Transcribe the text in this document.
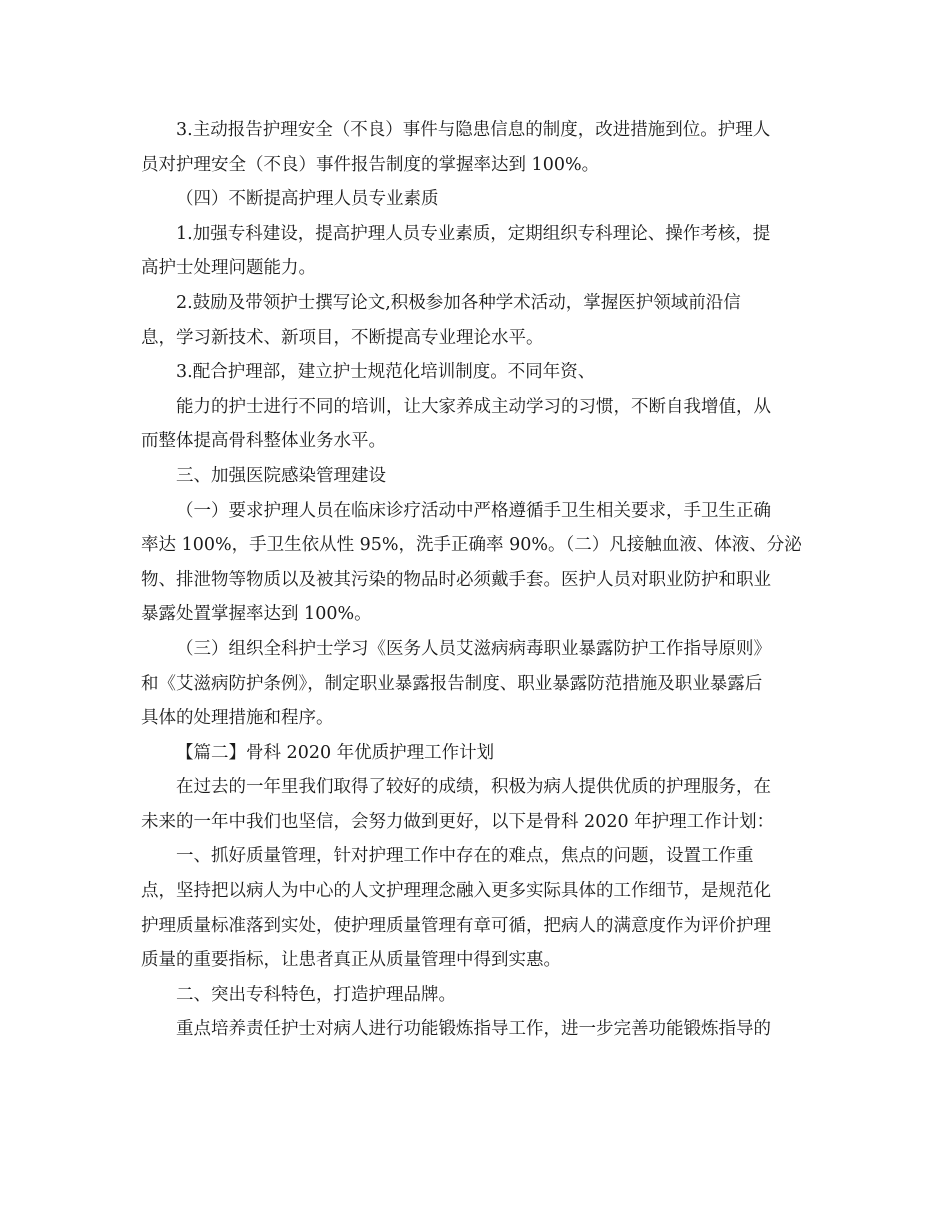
3.主动报告护理安全（不良）事件与隐患信息的制度，改进措施到位。护理人
员对护理安全（不良）事件报告制度的掌握率达到 100%。
（四）不断提高护理人员专业素质
1.加强专科建设，提高护理人员专业素质，定期组织专科理论、操作考核，提
高护士处理问题能力。
2.鼓励及带领护士撰写论文,积极参加各种学术活动，掌握医护领域前沿信
息，学习新技术、新项目，不断提高专业理论水平。
3.配合护理部，建立护士规范化培训制度。不同年资、
能力的护士进行不同的培训，让大家养成主动学习的习惯，不断自我增值，从
而整体提高骨科整体业务水平。
三、加强医院感染管理建设
（一）要求护理人员在临床诊疗活动中严格遵循手卫生相关要求，手卫生正确
率达 100%，手卫生依从性 95%，洗手正确率 90%。（二）凡接触血液、体液、分泌
物、排泄物等物质以及被其污染的物品时必须戴手套。医护人员对职业防护和职业
暴露处置掌握率达到 100%。
（三）组织全科护士学习《医务人员艾滋病病毒职业暴露防护工作指导原则》
和《艾滋病防护条例》，制定职业暴露报告制度、职业暴露防范措施及职业暴露后
具体的处理措施和程序。
【篇二】骨科 2020 年优质护理工作计划
在过去的一年里我们取得了较好的成绩，积极为病人提供优质的护理服务，在
未来的一年中我们也坚信，会努力做到更好，以下是骨科 2020 年护理工作计划：
一、抓好质量管理，针对护理工作中存在的难点，焦点的问题，设置工作重
点，坚持把以病人为中心的人文护理理念融入更多实际具体的工作细节，是规范化
护理质量标准落到实处，使护理质量管理有章可循，把病人的满意度作为评价护理
质量的重要指标，让患者真正从质量管理中得到实惠。
二、突出专科特色，打造护理品牌。
重点培养责任护士对病人进行功能锻炼指导工作，进一步完善功能锻炼指导的
